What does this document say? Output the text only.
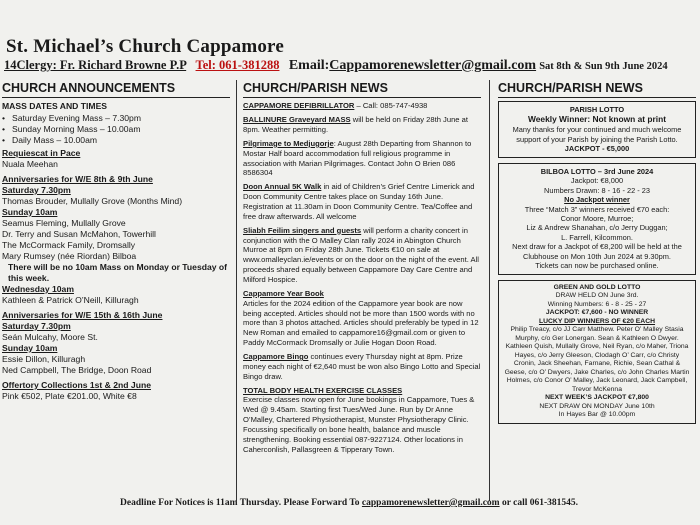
St. Michael’s Church Cappamore
14Clergy: Fr. Richard Browne P.P Tel: 061-381288 Email:Cappamorenewsletter@gmail.com Sat 8th & Sun 9th June 2024
CHURCH ANNOUNCEMENTS
MASS DATES AND TIMES
• Saturday Evening Mass – 7.30pm
• Sunday Morning Mass – 10.00am
• Daily Mass – 10.00am
Requiescat in Pace
Nuala Meehan
Anniversaries for W/E 8th & 9th June
Saturday 7.30pm
Thomas Brouder, Mullally Grove (Months Mind)
Sunday 10am
Seamus Fleming, Mullally Grove
Dr. Terry and Susan McMahon, Towerhill
The McCormack Family, Dromsally
Mary Rumsey (née Riordan) Bilboa
There will be no 10am Mass on Monday or Tuesday of this week.
Wednesday 10am
Kathleen & Patrick O’Neill, Killuragh
Anniversaries for W/E 15th & 16th June
Saturday 7.30pm
Seán Mulcahy, Moore St.
Sunday 10am
Essie Dillon, Killuragh
Ned Campbell, The Bridge, Doon Road
Offertory Collections 1st & 2nd June
Pink €502, Plate €201.00, White €8
CHURCH/PARISH NEWS

CAPPAMORE DEFIBRILLATOR – Call: 085-747-4938

BALLINURE Graveyard MASS will be held on Friday 28th June at 8pm. Weather permitting.

Pilgrimage to Medjugorje: August 28th Departing from Shannon to Mostar Half board accommodation full religious programme in association with Marian Pilgrimages. Contact John O Brien 086 8586304

Doon Annual 5K Walk in aid of Children’s Grief Centre Limerick and Doon Community Centre takes place on Sunday 16th June. Registration at 11.30am in Doon Community Centre. Tea/Coffee and free draw afterwards. All welcome

Sliabh Feilim singers and guests will perform a charity concert in conjunction with the O Malley Clan rally 2024 in Abington Church Murroe at 8pm on Friday 28th June. Tickets €10 on sale at www.omalleyclan.ie/events or on the door on the night of the event. All proceeds shared equally between Cappamore Day Care Centre and Milford Hospice.

Cappamore Year Book

Articles for the 2024 edition of the Cappamore year book are now being accepted. Articles should not be more than 1500 words with no more than 3 photos attached. Articles should preferably be typed in 12 New Roman and emailed to cappamore16@gmail.com or given to Paddy McCormack Dromsally or Julie Hogan Doon Road.

Cappamore Bingo continues every Thursday night at 8pm. Prize money each night of €2,640 must be won also Bingo Lotto and Special Bingo draw.

TOTAL BODY HEALTH EXERCISE CLASSES

Exercise classes now open for June bookings in Cappamore, Tues & Wed @ 9.45am. Starting first Tues/Wed June. Run by Dr Anne O’Malley, Chartered Physiotherapist, Munster Physiotherapy Clinic. Focussing specifically on bone health, balance and muscle strengthening. Booking essential 087-9227124. Other locations in Caherconlish, Pallasgreen & Tipperary Town.

CHURCH/PARISH NEWS
PARISH LOTTO
Weekly Winner: Not known at print
Many thanks for your continued and much welcome support of your Parish by joining the Parish Lotto.
JACKPOT - €5,000
BILBOA LOTTO – 3rd June 2024
Jackpot: €8,000
Numbers Drawn: 8 - 16 - 22 - 23
No Jackpot winner
Three “Match 3” winners received €70 each:
Conor Moore, Murroe;
Liz & Andrew Shanahan, c/o Jerry Duggan;
L. Farrell, Kilcommon.
Next draw for a Jackpot of €8,200 will be held at the Clubhouse on Mon 10th Jun 2024 at 9.30pm.
Tickets can now be purchased online.
GREEN AND GOLD LOTTO
DRAW HELD ON June 3rd.
Winning Numbers: 6 - 8 - 25 - 27
JACKPOT: €7,600 - NO WINNER
LUCKY DIP WINNERS OF €20 EACH
Philip Treacy, c/o JJ Carr Matthew. Peter O’ Malley Stasia Murphy, c/o Ger Lonergan. Sean & Kathleen O Dwyer. Kathleen Quish, Mullally Grove, Neil Ryan, c/o Maher, Triona Hayes, c/o Jerry Gleeson, Clodagh O’ Carr, c/o Christy Cronin, Jack Sheehan, Farnane, Richie, Sean Cathal & Geese, c/o O’ Dwyers, Jake Charles, c/o John Charles Martin Holmes, c/o Conor O’ Malley, Jack Leonard, Jack Campbell, Trevor McKenna
NEXT WEEK’S JACKPOT €7,800
NEXT DRAW ON MONDAY June 10th
In Hayes Bar @ 10.00pm
Deadline For Notices is 11am Thursday. Please Forward To cappamorenewsletter@gmail.com or call 061-381545.
